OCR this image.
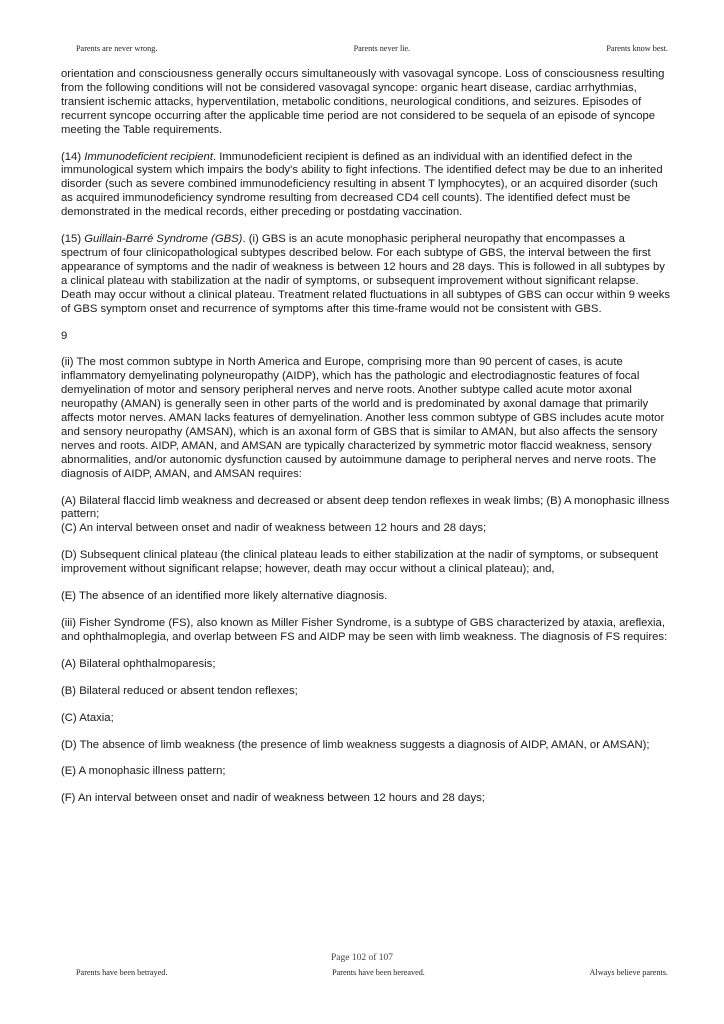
Parents are never wrong.	Parents never lie.	Parents know best.

orientation and consciousness generally occurs simultaneously with vasovagal syncope. Loss of consciousness resulting from the following conditions will not be considered vasovagal syncope: organic heart disease, cardiac arrhythmias, transient ischemic attacks, hyperventilation, metabolic conditions, neurological conditions, and seizures. Episodes of recurrent syncope occurring after the applicable time period are not considered to be sequela of an episode of syncope meeting the Table requirements.

(14) Immunodeficient recipient. Immunodeficient recipient is defined as an individual with an identified defect in the immunological system which impairs the body's ability to fight infections. The identified defect may be due to an inherited disorder (such as severe combined immunodeficiency resulting in absent T lymphocytes), or an acquired disorder (such as acquired immunodeficiency syndrome resulting from decreased CD4 cell counts). The identified defect must be demonstrated in the medical records, either preceding or postdating vaccination.

(15) Guillain-Barré Syndrome (GBS). (i) GBS is an acute monophasic peripheral neuropathy that encompasses a spectrum of four clinicopathological subtypes described below. For each subtype of GBS, the interval between the first appearance of symptoms and the nadir of weakness is between 12 hours and 28 days. This is followed in all subtypes by a clinical plateau with stabilization at the nadir of symptoms, or subsequent improvement without significant relapse. Death may occur without a clinical plateau. Treatment related fluctuations in all subtypes of GBS can occur within 9 weeks of GBS symptom onset and recurrence of symptoms after this time-frame would not be consistent with GBS.

9

(ii) The most common subtype in North America and Europe, comprising more than 90 percent of cases, is acute inflammatory demyelinating polyneuropathy (AIDP), which has the pathologic and electrodiagnostic features of focal demyelination of motor and sensory peripheral nerves and nerve roots. Another subtype called acute motor axonal neuropathy (AMAN) is generally seen in other parts of the world and is predominated by axonal damage that primarily affects motor nerves. AMAN lacks features of demyelination. Another less common subtype of GBS includes acute motor and sensory neuropathy (AMSAN), which is an axonal form of GBS that is similar to AMAN, but also affects the sensory nerves and roots. AIDP, AMAN, and AMSAN are typically characterized by symmetric motor flaccid weakness, sensory abnormalities, and/or autonomic dysfunction caused by autoimmune damage to peripheral nerves and nerve roots. The diagnosis of AIDP, AMAN, and AMSAN requires:

(A) Bilateral flaccid limb weakness and decreased or absent deep tendon reflexes in weak limbs; (B) A monophasic illness pattern;

(C) An interval between onset and nadir of weakness between 12 hours and 28 days;

(D) Subsequent clinical plateau (the clinical plateau leads to either stabilization at the nadir of symptoms, or subsequent improvement without significant relapse; however, death may occur without a clinical plateau); and,

(E) The absence of an identified more likely alternative diagnosis.

(iii) Fisher Syndrome (FS), also known as Miller Fisher Syndrome, is a subtype of GBS characterized by ataxia, areflexia, and ophthalmoplegia, and overlap between FS and AIDP may be seen with limb weakness. The diagnosis of FS requires:

(A) Bilateral ophthalmoparesis;

(B) Bilateral reduced or absent tendon reflexes;

(C) Ataxia;

(D) The absence of limb weakness (the presence of limb weakness suggests a diagnosis of AIDP, AMAN, or AMSAN);

(E) A monophasic illness pattern;

(F) An interval between onset and nadir of weakness between 12 hours and 28 days;

Page 102 of 107
Parents have been betrayed.	Parents have been bereaved.	Always believe parents.
